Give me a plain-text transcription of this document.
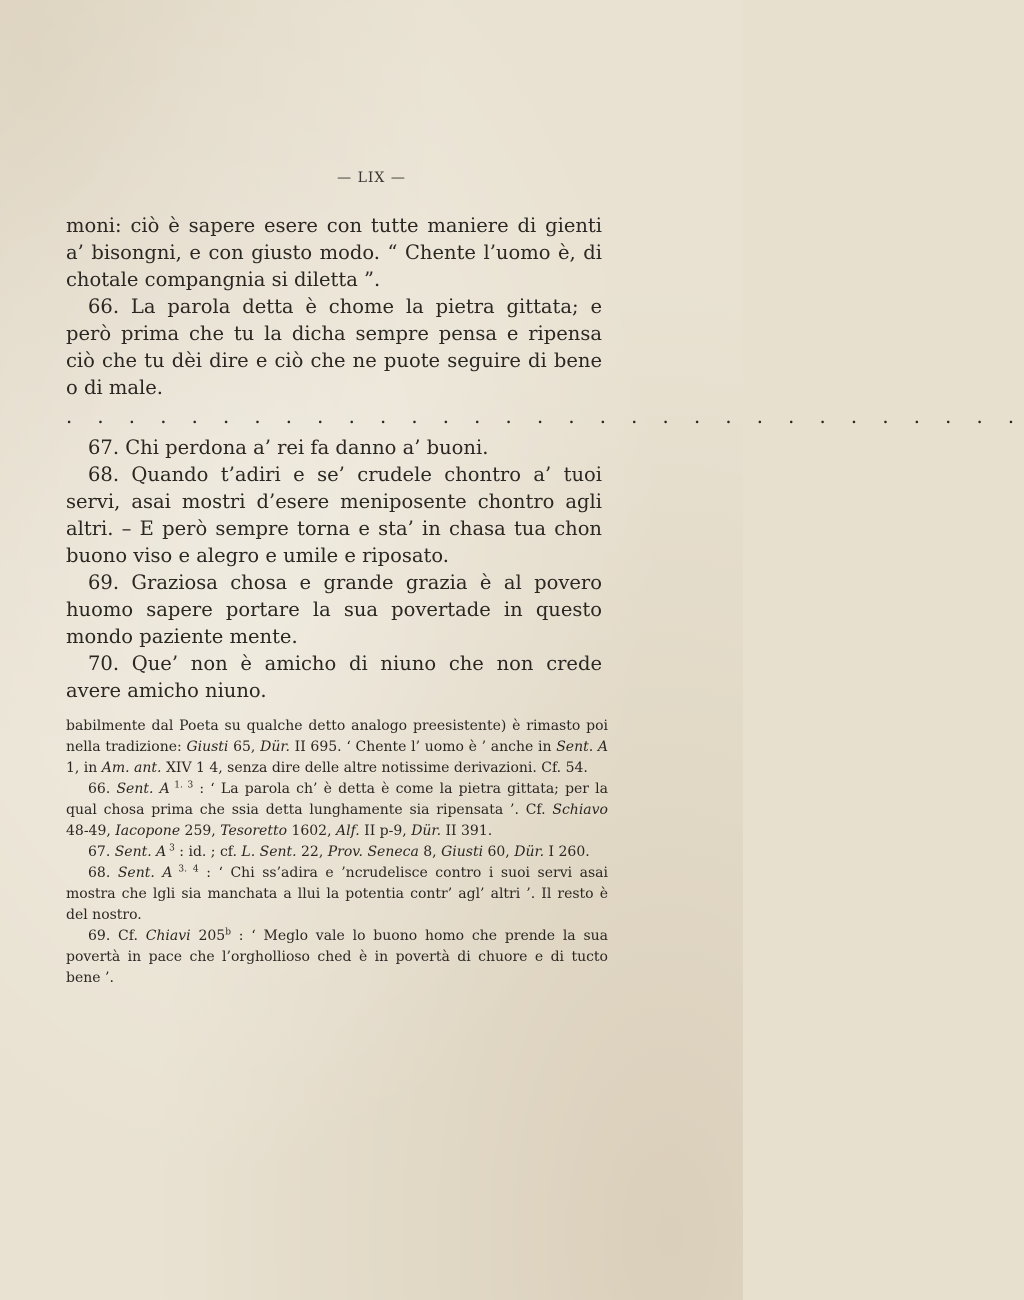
— LIX —

moni: ciò è sapere esere con tutte maniere di gienti a’ bisongni, e con giusto modo. “ Chente l’uomo è, di chotale compangnia si diletta ”.

66. La parola detta è chome la pietra gittata; e però prima che tu la dicha sempre pensa e ripensa ciò che tu dèi dire e ciò che ne puote seguire di bene o di male.

. . . . . . . . . . . . . . . . . . . . . . . . . . . . . . .

67. Chi perdona a’ rei fa danno a’ buoni.

68. Quando t’adiri e se’ crudele chontro a’ tuoi servi, asai mostri d’esere meniposente chontro agli altri. – E però sempre torna e sta’ in chasa tua chon buono viso e alegro e umile e riposato.

69. Graziosa chosa e grande grazia è al povero huomo sapere portare la sua povertade in questo mondo paziente mente.

70. Que’ non è amicho di niuno che non crede avere amicho niuno.

babilmente dal Poeta su qualche detto analogo preesistente) è rimasto poi nella tradizione: Giusti 65, Dür. II 695. ‘ Chente l’ uomo è ’ anche in Sent. A 1, in Am. ant. XIV 1 4, senza dire delle altre notissime derivazioni. Cf. 54.

66. Sent. A $^{1. 3}$ : ‘ La parola ch’ è detta è come la pietra gittata; per la qual chosa prima che ssia detta lunghamente sia ripensata ’. Cf. Schiavo 48-49, Iacopone 259, Tesoretto 1602, Alf. II p-9, Dür. II 391.

67. Sent. A $^3$ : id. ; cf. L. Sent. 22, Prov. Seneca 8, Giusti 60, Dür. I 260.

68. Sent. A $^{3. 4}$ : ‘ Chi ss’adira e ’ncrudelisce contro i suoi servi asai mostra che lgli sia manchata a llui la potentia contr’ agl’ altri ’. Il resto è del nostro.

69. Cf. Chiavi 205$^b$ : ‘ Meglo vale lo buono homo che prende la sua povertà in pace che l’orghollioso ched è in povertà di chuore e di tucto bene ’.
